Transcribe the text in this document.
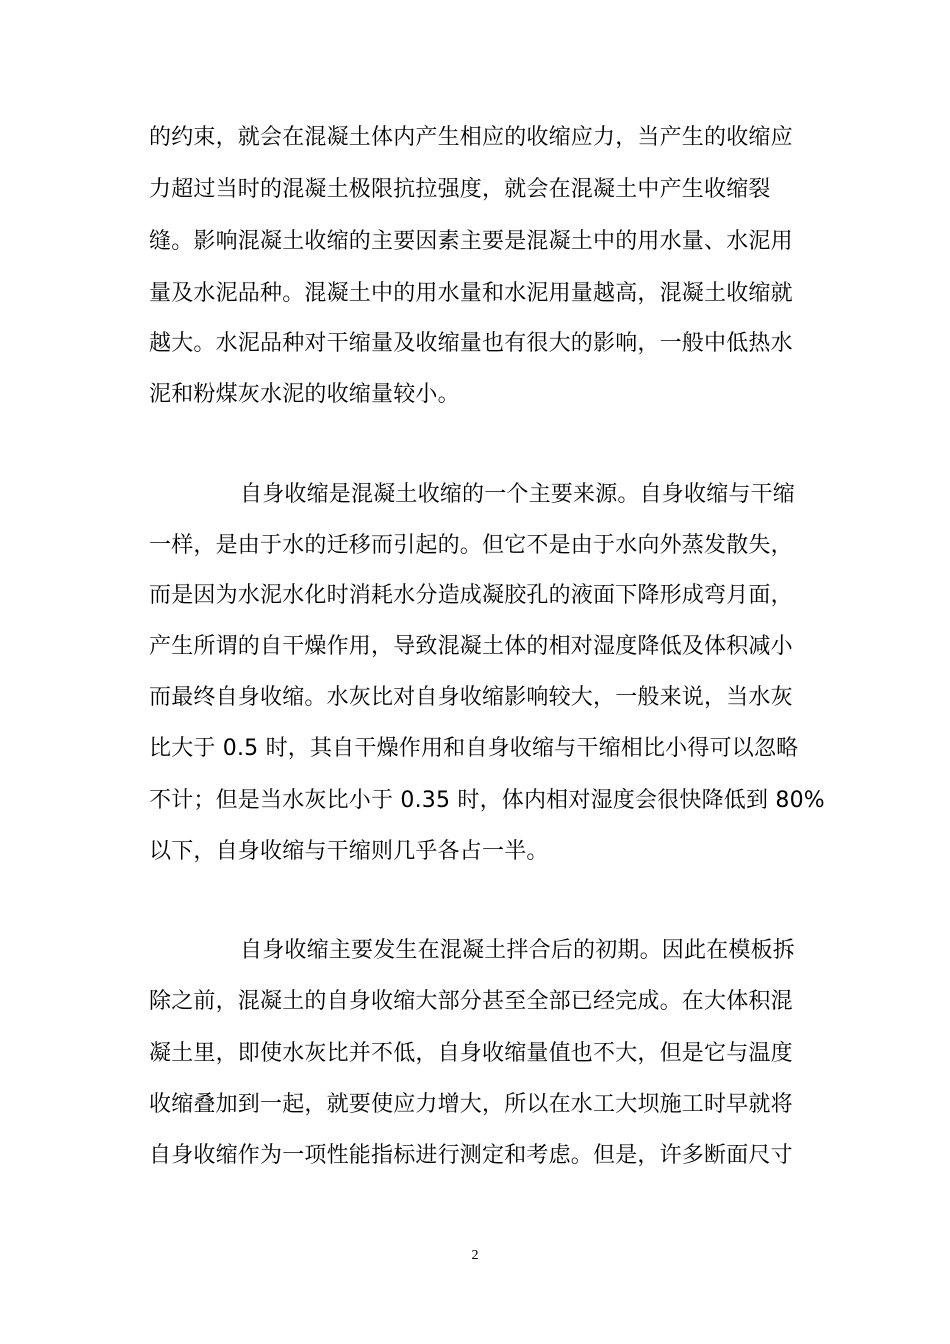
的约束，就会在混凝土体内产生相应的收缩应力，当产生的收缩应
力超过当时的混凝土极限抗拉强度，就会在混凝土中产生收缩裂
缝。影响混凝土收缩的主要因素主要是混凝土中的用水量、水泥用
量及水泥品种。混凝土中的用水量和水泥用量越高，混凝土收缩就
越大。水泥品种对干缩量及收缩量也有很大的影响，一般中低热水
泥和粉煤灰水泥的收缩量较小。
自身收缩是混凝土收缩的一个主要来源。自身收缩与干缩
一样，是由于水的迁移而引起的。但它不是由于水向外蒸发散失，
而是因为水泥水化时消耗水分造成凝胶孔的液面下降形成弯月面，
产生所谓的自干燥作用，导致混凝土体的相对湿度降低及体积减小
而最终自身收缩。水灰比对自身收缩影响较大，一般来说，当水灰
比大于 0.5 时，其自干燥作用和自身收缩与干缩相比小得可以忽略
不计；但是当水灰比小于 0.35 时，体内相对湿度会很快降低到 80%
以下，自身收缩与干缩则几乎各占一半。
自身收缩主要发生在混凝土拌合后的初期。因此在模板拆
除之前，混凝土的自身收缩大部分甚至全部已经完成。在大体积混
凝土里，即使水灰比并不低，自身收缩量值也不大，但是它与温度
收缩叠加到一起，就要使应力增大，所以在水工大坝施工时早就将
自身收缩作为一项性能指标进行测定和考虑。但是，许多断面尺寸
2
